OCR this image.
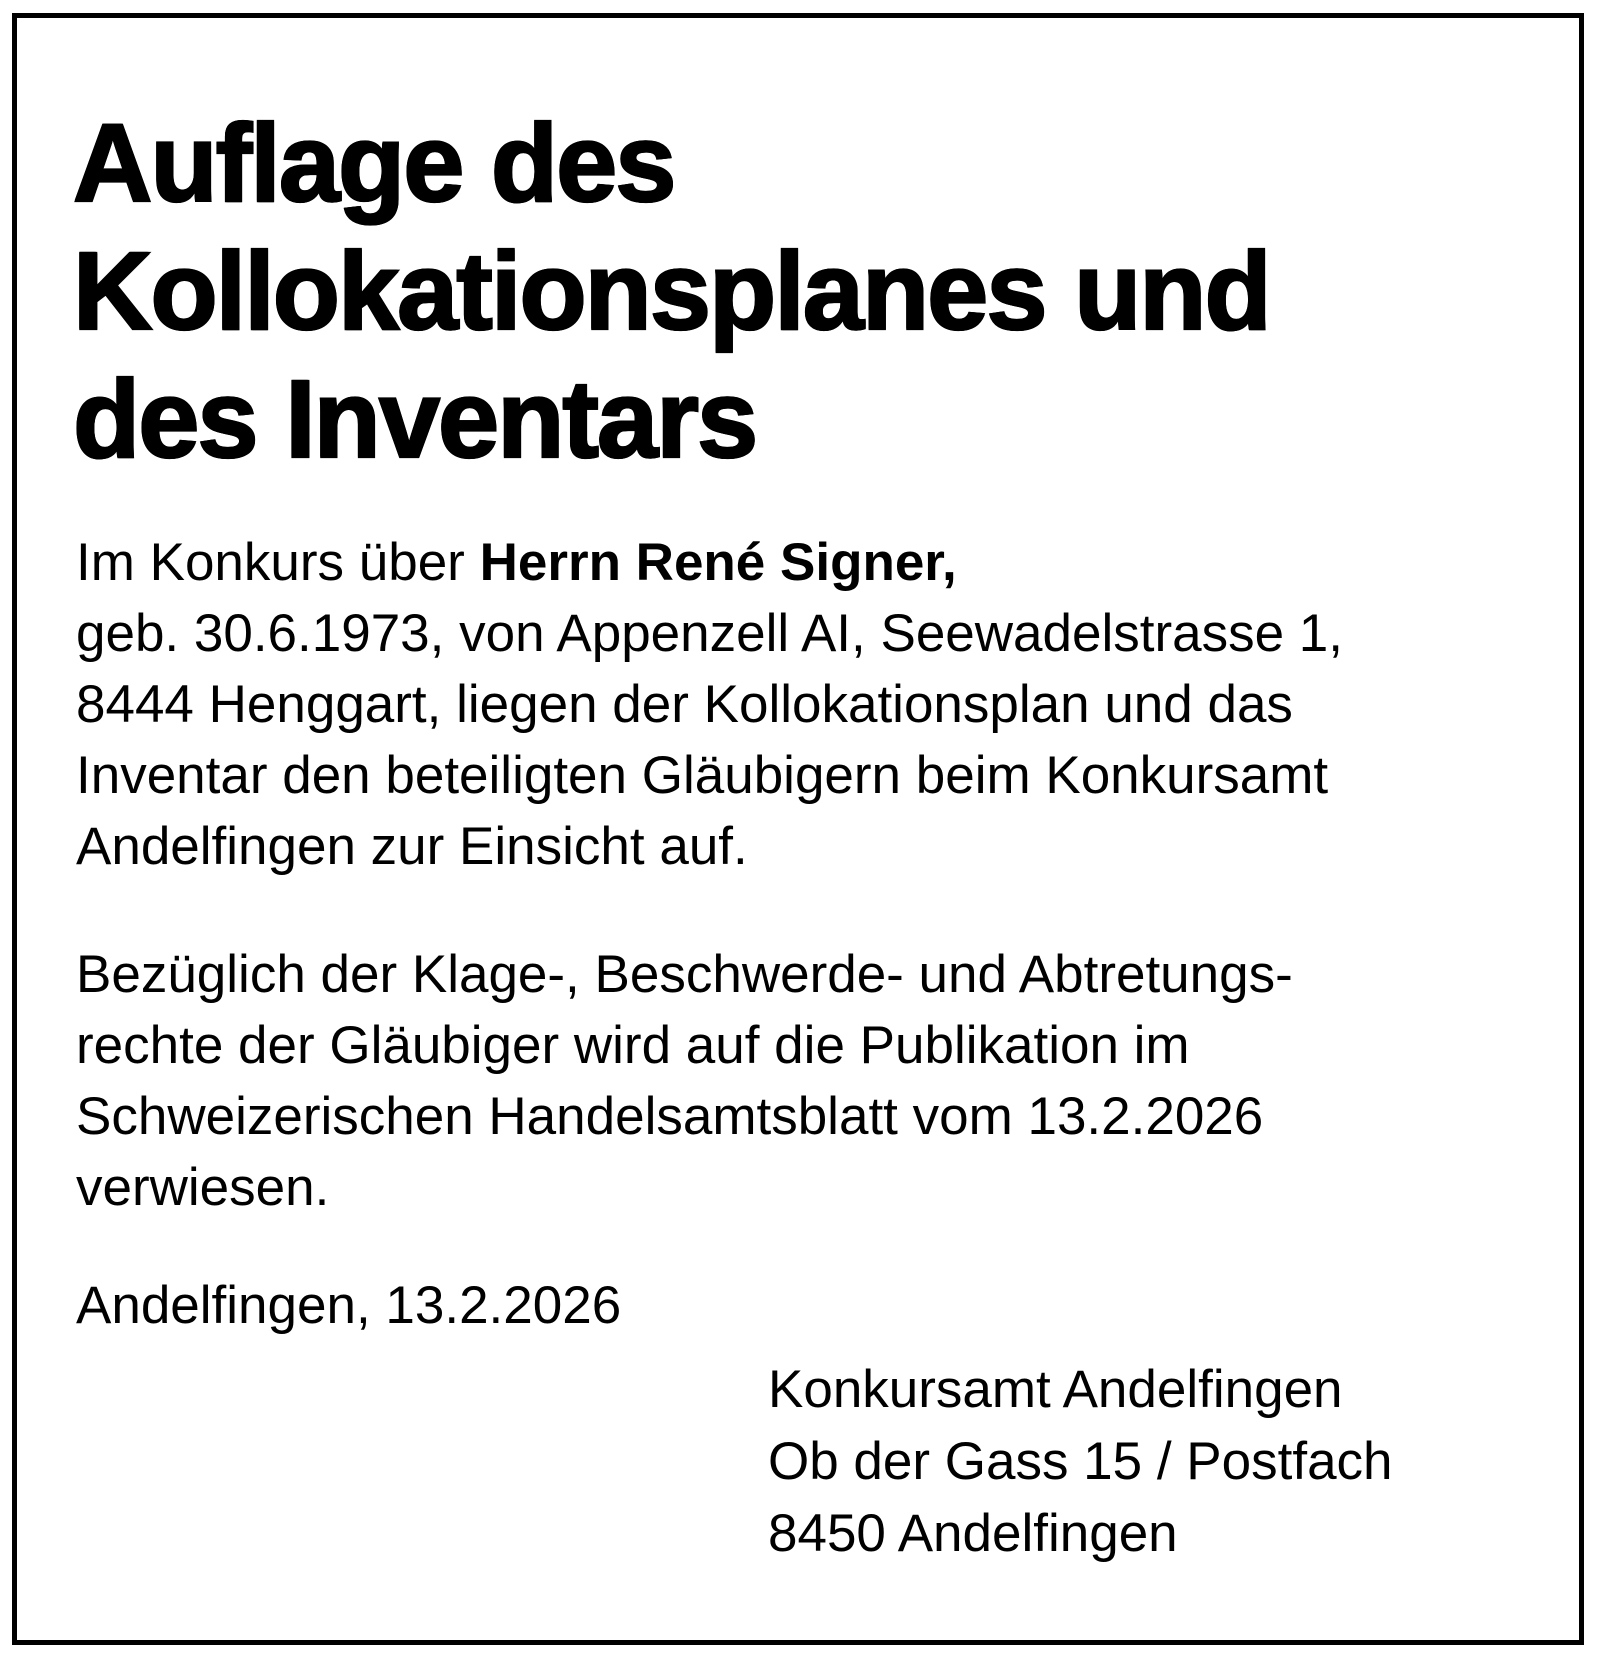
Auflage des
Kollokationsplanes und
des Inventars
Im Konkurs über Herrn René Signer,
geb. 30.6.1973, von Appenzell AI, Seewadelstrasse 1,
8444 Henggart, liegen der Kollokationsplan und das
Inventar den beteiligten Gläubigern beim Konkursamt
Andelfingen zur Einsicht auf.
Bezüglich der Klage-, Beschwerde- und Abtretungs-
rechte der Gläubiger wird auf die Publikation im
Schweizerischen Handelsamtsblatt vom 13.2.2026
verwiesen.
Andelfingen, 13.2.2026
Konkursamt Andelfingen
Ob der Gass 15 / Postfach
8450 Andelfingen
